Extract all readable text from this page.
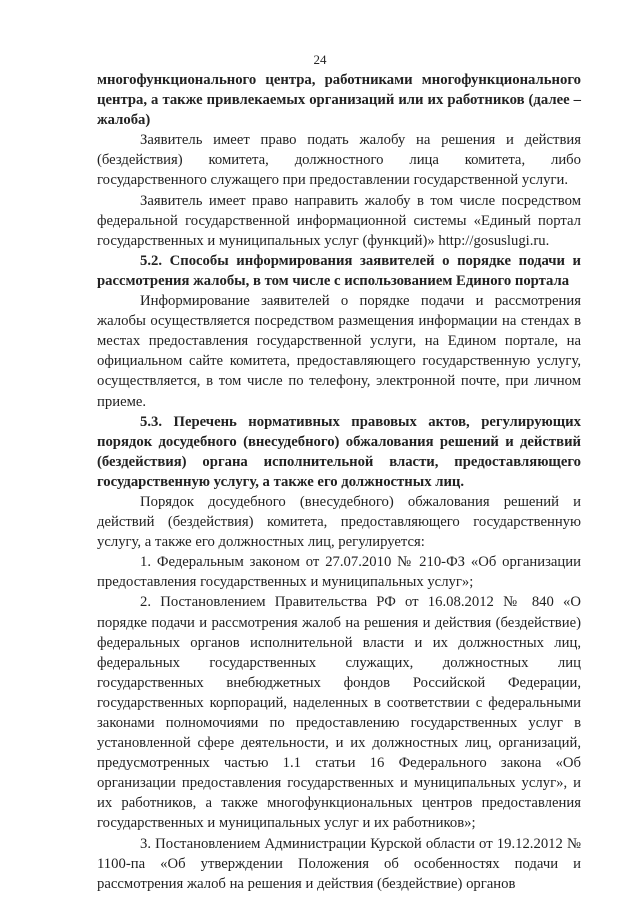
24

многофункционального центра, работниками многофункционального центра, а также привлекаемых организаций или их работников (далее – жалоба)

Заявитель имеет право подать жалобу на решения и действия (бездействия) комитета, должностного лица комитета, либо государственного служащего при предоставлении государственной услуги.

Заявитель имеет право направить жалобу в том числе посредством федеральной государственной информационной системы «Единый портал государственных и муниципальных услуг (функций)» http://gosuslugi.ru.

5.2. Способы информирования заявителей о порядке подачи и рассмотрения жалобы, в том числе с использованием Единого портала

Информирование заявителей о порядке подачи и рассмотрения жалобы осуществляется посредством размещения информации на стендах в местах предоставления государственной услуги, на Едином портале, на официальном сайте комитета, предоставляющего государственную услугу, осуществляется, в том числе по телефону, электронной почте, при личном приеме.

5.3. Перечень нормативных правовых актов, регулирующих порядок досудебного (внесудебного) обжалования решений и действий (бездействия) органа исполнительной власти, предоставляющего государственную услугу, а также его должностных лиц.

Порядок досудебного (внесудебного) обжалования решений и действий (бездействия) комитета, предоставляющего государственную услугу, а также его должностных лиц, регулируется:

1. Федеральным законом от 27.07.2010 № 210-ФЗ «Об организации предоставления государственных и муниципальных услуг»;

2. Постановлением Правительства РФ от 16.08.2012 № 840 «О порядке подачи и рассмотрения жалоб на решения и действия (бездействие) федеральных органов исполнительной власти и их должностных лиц, федеральных государственных служащих, должностных лиц государственных внебюджетных фондов Российской Федерации, государственных корпораций, наделенных в соответствии с федеральными законами полномочиями по предоставлению государственных услуг в установленной сфере деятельности, и их должностных лиц, организаций, предусмотренных частью 1.1 статьи 16 Федерального закона «Об организации предоставления государственных и муниципальных услуг», и их работников, а также многофункциональных центров предоставления государственных и муниципальных услуг и их работников»;

3. Постановлением Администрации Курской области от 19.12.2012 № 1100-па «Об утверждении Положения об особенностях подачи и рассмотрения жалоб на решения и действия (бездействие) органов
